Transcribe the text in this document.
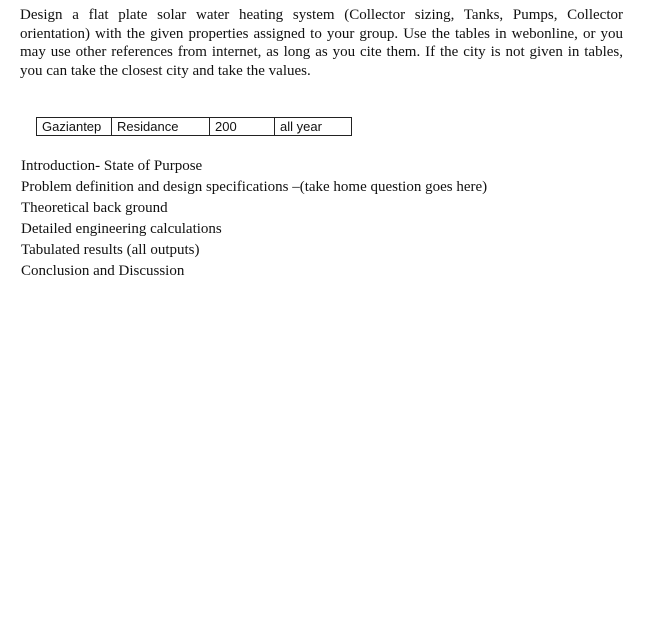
Design a flat plate solar water heating system (Collector sizing, Tanks, Pumps, Collector orientation) with the given properties assigned to your group. Use the tables in webonline, or you may use other references from internet, as long as you cite them. If the city is not given in tables, you can take the closest city and take the values.

Gaziantep	Residance	200	all year
Introduction- State of Purpose
Problem definition and design specifications –(take home question goes here)
Theoretical back ground
Detailed engineering calculations
Tabulated results (all outputs)
Conclusion and Discussion
